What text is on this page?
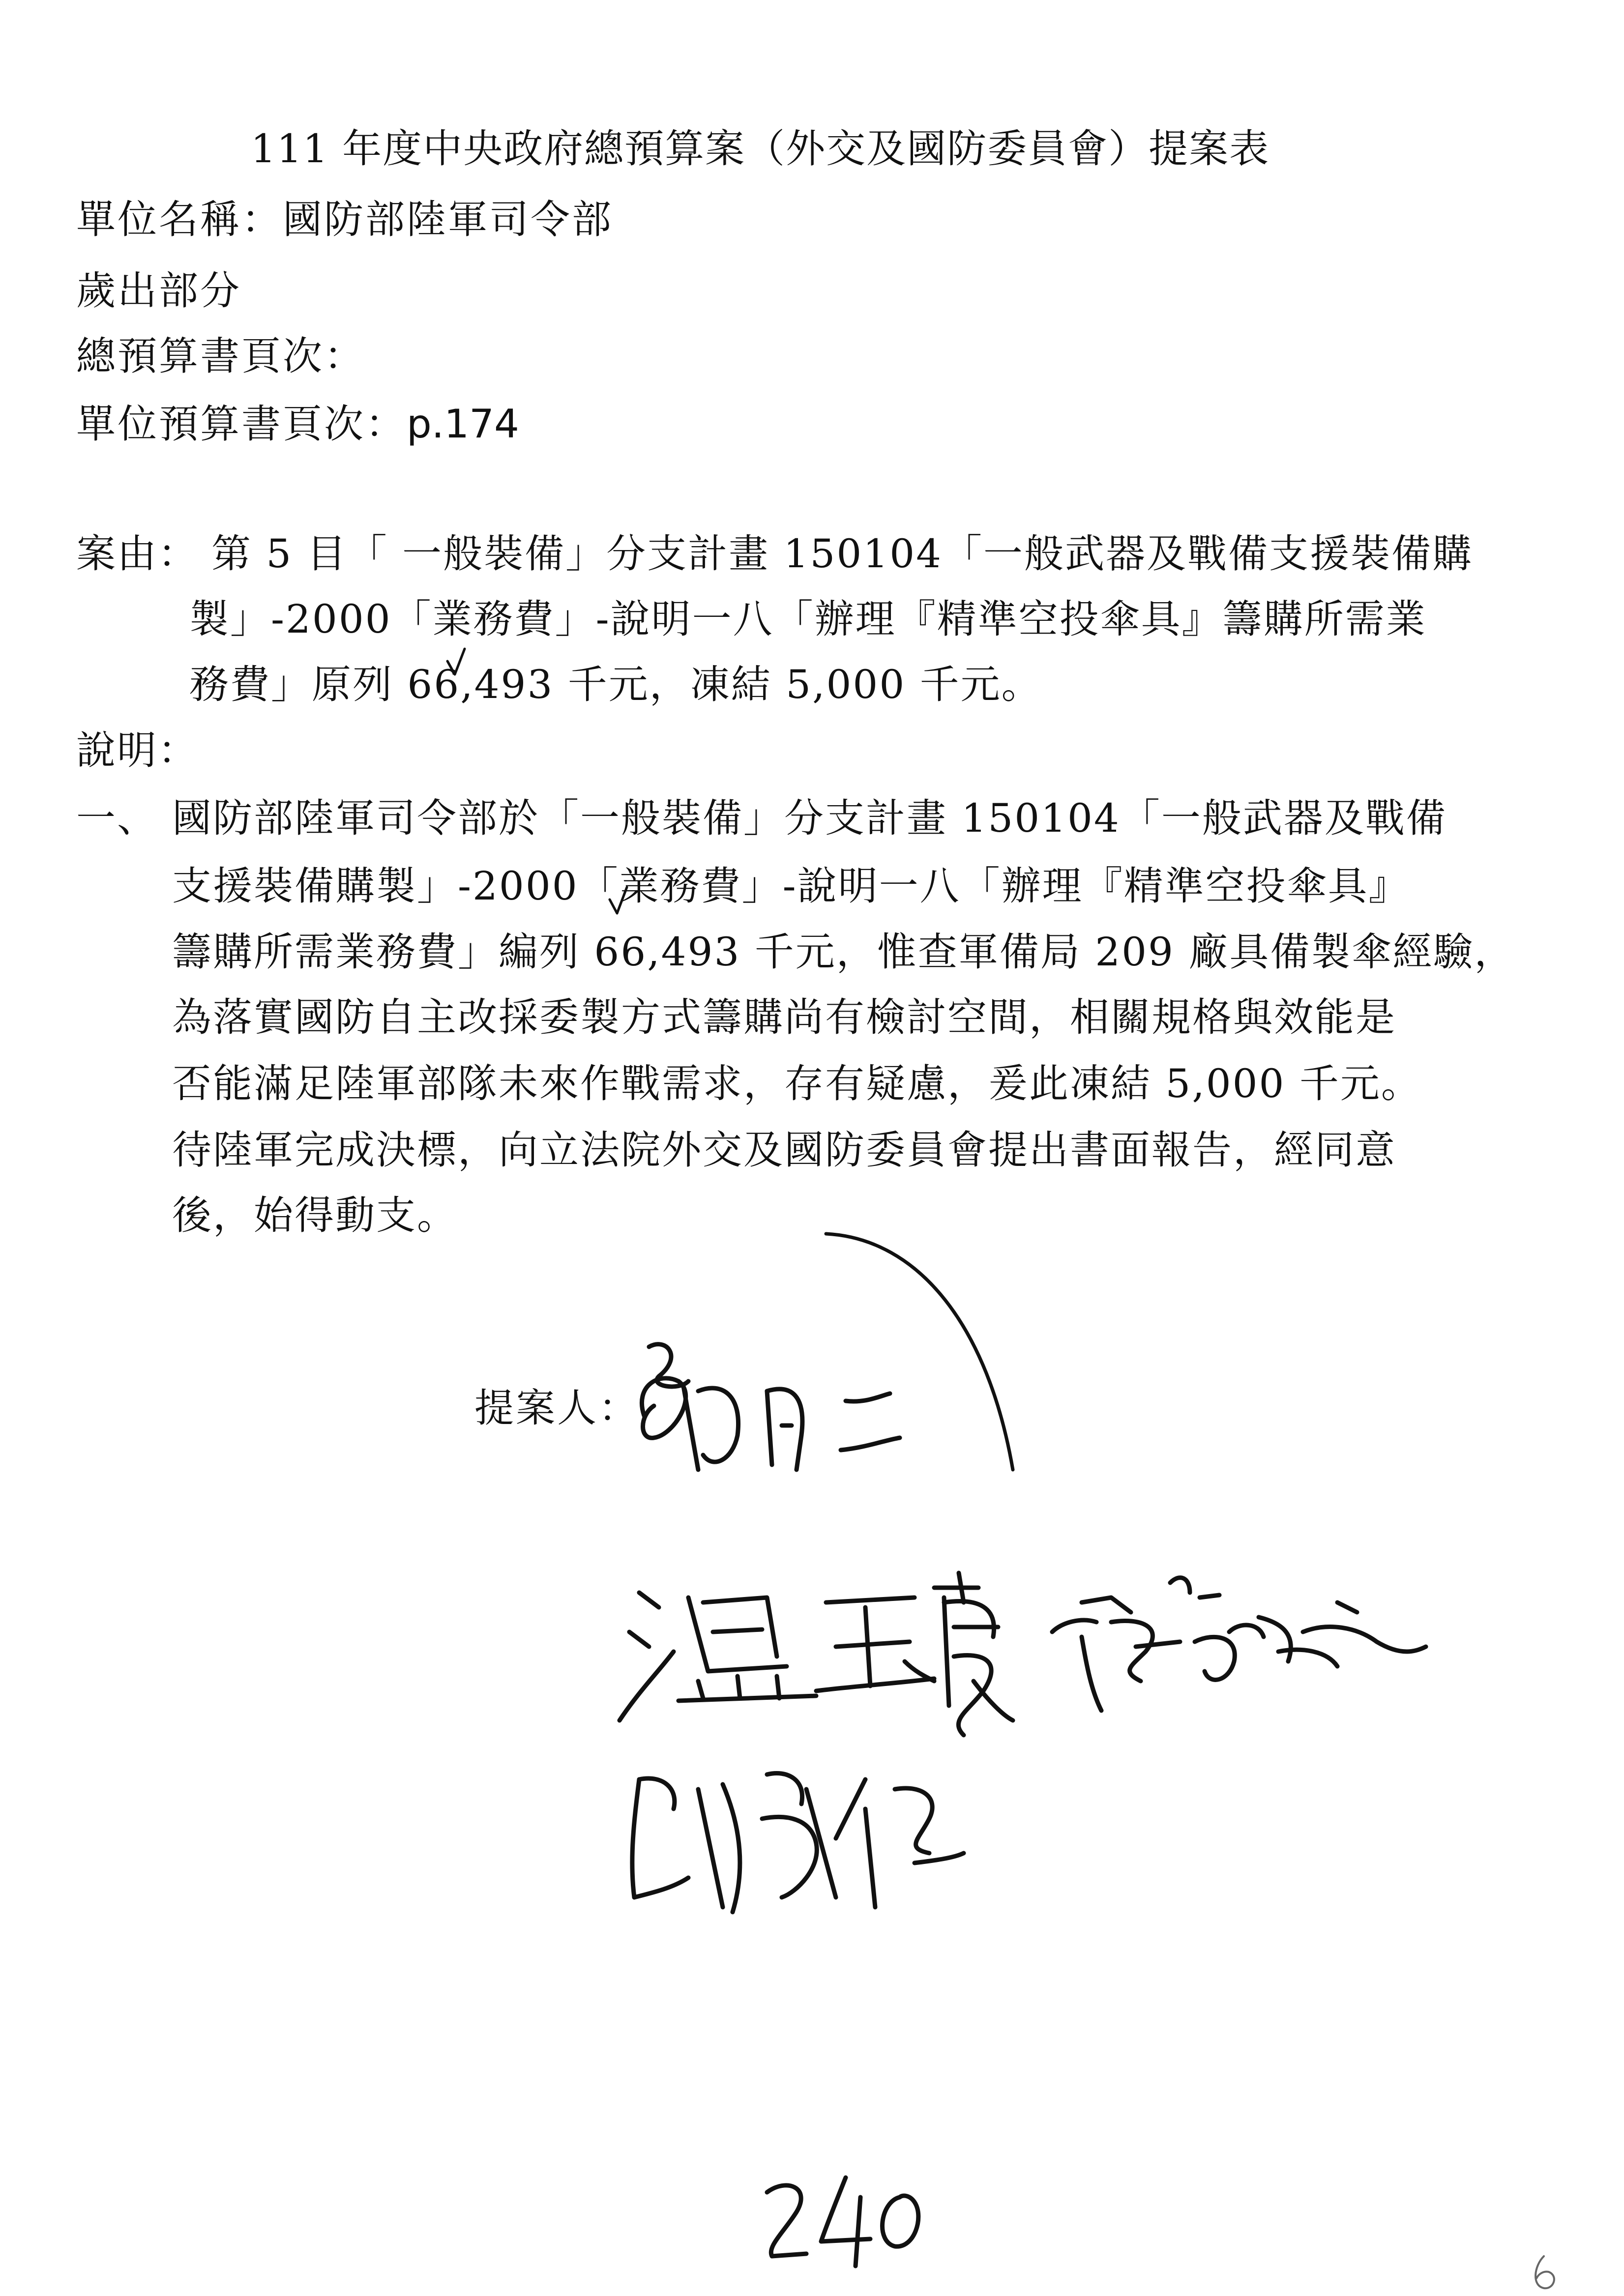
111 年度中央政府總預算案（外交及國防委員會）提案表
單位名稱：國防部陸軍司令部
歲出部分
總預算書頁次：
單位預算書頁次：p.174
案由： 第 5 目「 一般裝備」分支計畫 150104「一般武器及戰備支援裝備購
製」-2000「業務費」-說明一八「辦理『精準空投傘具』籌購所需業
務費」原列 66,493 千元，凍結 5,000 千元。
說明：
一、 國防部陸軍司令部於「一般裝備」分支計畫 150104「一般武器及戰備
支援裝備購製」-2000「業務費」-說明一八「辦理『精準空投傘具』
籌購所需業務費」編列 66,493 千元，惟查軍備局 209 廠具備製傘經驗，
為落實國防自主改採委製方式籌購尚有檢討空間，相關規格與效能是
否能滿足陸軍部隊未來作戰需求，存有疑慮，爰此凍結 5,000 千元。
待陸軍完成決標，向立法院外交及國防委員會提出書面報告，經同意
後，始得動支。
提案人：
